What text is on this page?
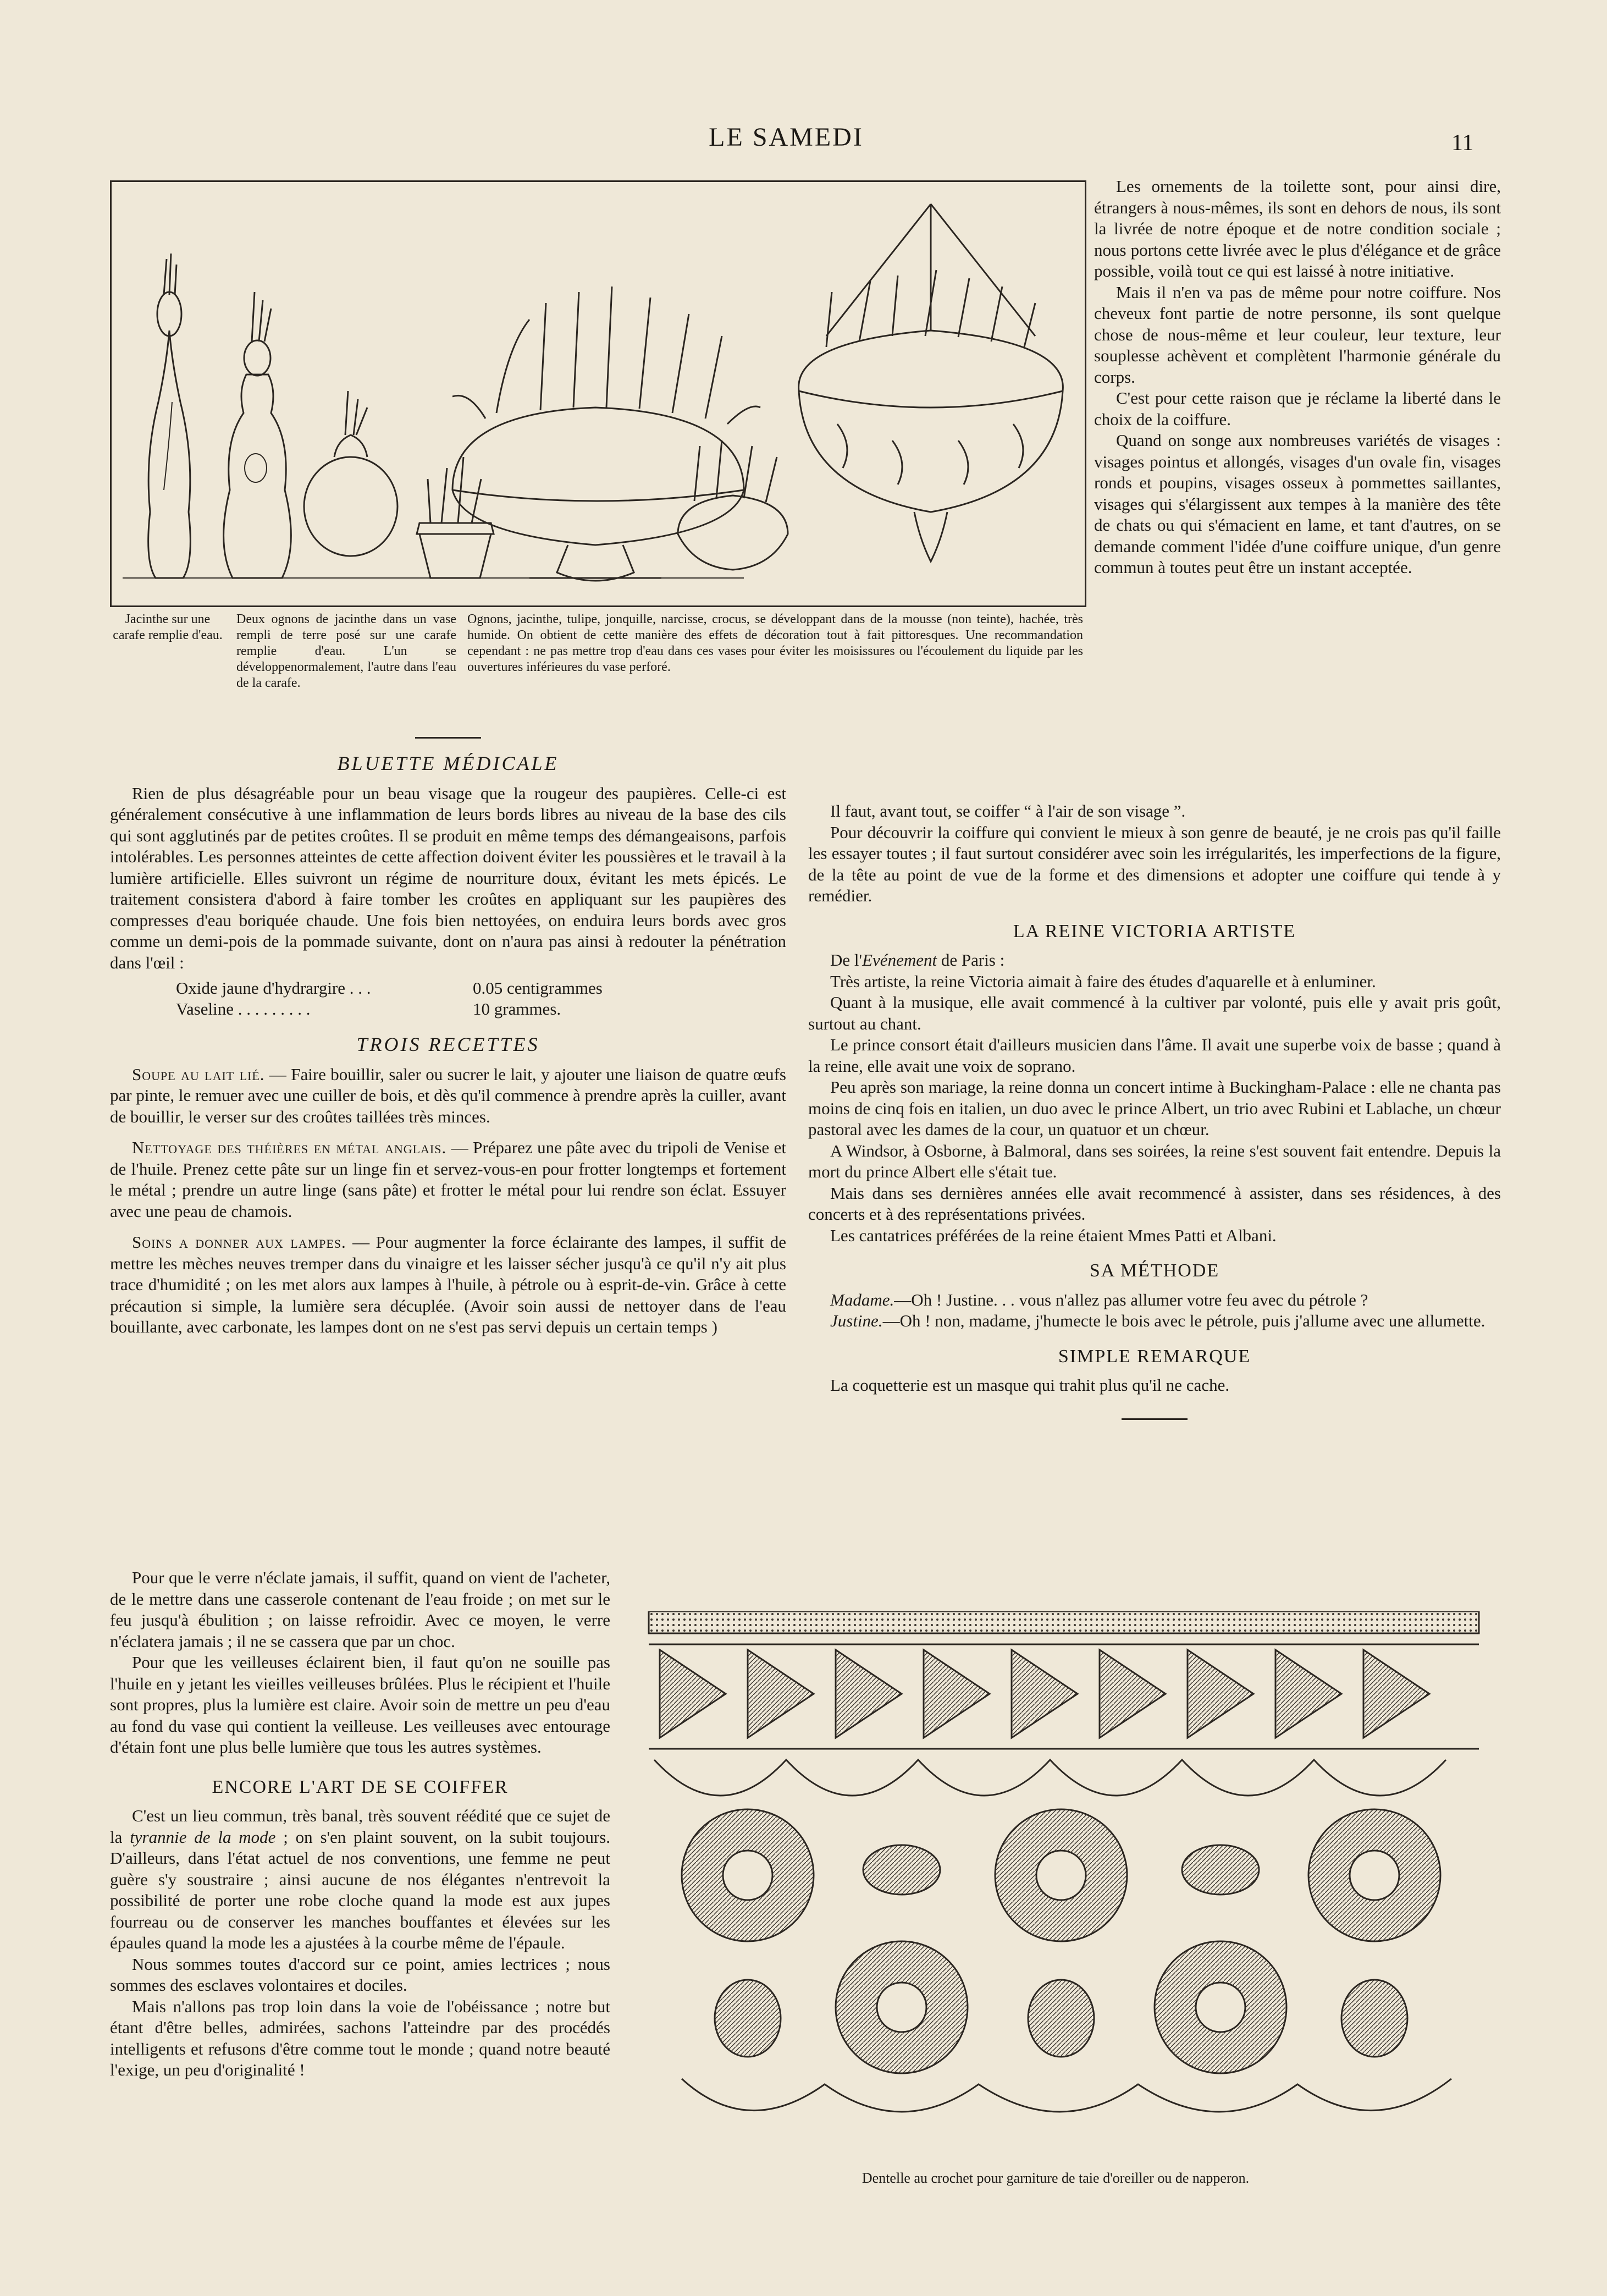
LE SAMEDI	11
Jacinthe sur une carafe remplie d'eau.
Deux ognons de jacinthe dans un vase rempli de terre posé sur une carafe remplie d'eau. L'un se développenormalement, l'autre dans l'eau de la carafe.
Ognons, jacinthe, tulipe, jonquille, narcisse, crocus, se développant dans de la mousse (non teinte), hachée, très humide. On obtient de cette manière des effets de décoration tout à fait pittoresques. Une recommandation cependant : ne pas mettre trop d'eau dans ces vases pour éviter les moisissures ou l'écoulement du liquide par les ouvertures inférieures du vase perforé.
BLUETTE MÉDICALE

Rien de plus désagréable pour un beau visage que la rougeur des paupières. Celle-ci est généralement consécutive à une inflammation de leurs bords libres au niveau de la base des cils qui sont agglutinés par de petites croûtes. Il se produit en même temps des démangeaisons, parfois intolérables. Les personnes atteintes de cette affection doivent éviter les poussières et le travail à la lumière artificielle. Elles suivront un régime de nourriture doux, évitant les mets épicés. Le traitement consistera d'abord à faire tomber les croûtes en appliquant sur les paupières des compresses d'eau boriquée chaude. Une fois bien nettoyées, on enduira leurs bords avec gros comme un demi-pois de la pommade suivante, dont on n'aura pas ainsi à redouter la pénétration dans l'œil :

Oxide jaune d'hydrargire . . .	0.05 centigrammes
Vaseline . . . . . . . . .	10 grammes.
TROIS RECETTES

Soupe au lait lié. — Faire bouillir, saler ou sucrer le lait, y ajouter une liaison de quatre œufs par pinte, le remuer avec une cuiller de bois, et dès qu'il commence à prendre après la cuiller, avant de bouillir, le verser sur des croûtes taillées très minces.

Nettoyage des théières en métal anglais. — Préparez une pâte avec du tripoli de Venise et de l'huile. Prenez cette pâte sur un linge fin et servez-vous-en pour frotter longtemps et fortement le métal ; prendre un autre linge (sans pâte) et frotter le métal pour lui rendre son éclat. Essuyer avec une peau de chamois.

Soins a donner aux lampes. — Pour augmenter la force éclairante des lampes, il suffit de mettre les mèches neuves tremper dans du vinaigre et les laisser sécher jusqu'à ce qu'il n'y ait plus trace d'humidité ; on les met alors aux lampes à l'huile, à pétrole ou à esprit-de-vin. Grâce à cette précaution si simple, la lumière sera décuplée. (Avoir soin aussi de nettoyer dans de l'eau bouillante, avec carbonate, les lampes dont on ne s'est pas servi depuis un certain temps )

Pour que le verre n'éclate jamais, il suffit, quand on vient de l'acheter, de le mettre dans une casserole contenant de l'eau froide ; on met sur le feu jusqu'à ébulition ; on laisse refroidir. Avec ce moyen, le verre n'éclatera jamais ; il ne se cassera que par un choc.

Pour que les veilleuses éclairent bien, il faut qu'on ne souille pas l'huile en y jetant les vieilles veilleuses brûlées. Plus le récipient et l'huile sont propres, plus la lumière est claire. Avoir soin de mettre un peu d'eau au fond du vase qui contient la veilleuse. Les veilleuses avec entourage d'étain font une plus belle lumière que tous les autres systèmes.

ENCORE L'ART DE SE COIFFER

C'est un lieu commun, très banal, très souvent réédité que ce sujet de la tyrannie de la mode ; on s'en plaint souvent, on la subit toujours. D'ailleurs, dans l'état actuel de nos conventions, une femme ne peut guère s'y soustraire ; ainsi aucune de nos élégantes n'entrevoit la possibilité de porter une robe cloche quand la mode est aux jupes fourreau ou de conserver les manches bouffantes et élevées sur les épaules quand la mode les a ajustées à la courbe même de l'épaule.

Nous sommes toutes d'accord sur ce point, amies lectrices ; nous sommes des esclaves volontaires et dociles.

Mais n'allons pas trop loin dans la voie de l'obéissance ; notre but étant d'être belles, admirées, sachons l'atteindre par des procédés intelligents et refusons d'être comme tout le monde ; quand notre beauté l'exige, un peu d'originalité !

Les ornements de la toilette sont, pour ainsi dire, étrangers à nous-mêmes, ils sont en dehors de nous, ils sont la livrée de notre époque et de notre condition sociale ; nous portons cette livrée avec le plus d'élégance et de grâce possible, voilà tout ce qui est laissé à notre initiative.

Mais il n'en va pas de même pour notre coiffure. Nos cheveux font partie de notre personne, ils sont quelque chose de nous-même et leur couleur, leur texture, leur souplesse achèvent et complètent l'harmonie générale du corps.

C'est pour cette raison que je réclame la liberté dans le choix de la coiffure.

Quand on songe aux nombreuses variétés de visages : visages pointus et allongés, visages d'un ovale fin, visages ronds et poupins, visages osseux à pommettes saillantes, visages qui s'élargissent aux tempes à la manière des tête de chats ou qui s'émacient en lame, et tant d'autres, on se demande comment l'idée d'une coiffure unique, d'un genre commun à toutes peut être un instant acceptée.

Il faut, avant tout, se coiffer “ à l'air de son visage ”.

Pour découvrir la coiffure qui convient le mieux à son genre de beauté, je ne crois pas qu'il faille les essayer toutes ; il faut surtout considérer avec soin les irrégularités, les imperfections de la figure, de la tête au point de vue de la forme et des dimensions et adopter une coiffure qui tende à y remédier.

LA REINE VICTORIA ARTISTE

De l'Evénement de Paris :

Très artiste, la reine Victoria aimait à faire des études d'aquarelle et à enluminer.

Quant à la musique, elle avait commencé à la cultiver par volonté, puis elle y avait pris goût, surtout au chant.

Le prince consort était d'ailleurs musicien dans l'âme. Il avait une superbe voix de basse ; quand à la reine, elle avait une voix de soprano.

Peu après son mariage, la reine donna un concert intime à Buckingham-Palace : elle ne chanta pas moins de cinq fois en italien, un duo avec le prince Albert, un trio avec Rubini et Lablache, un chœur pastoral avec les dames de la cour, un quatuor et un chœur.

A Windsor, à Osborne, à Balmoral, dans ses soirées, la reine s'est souvent fait entendre. Depuis la mort du prince Albert elle s'était tue.

Mais dans ses dernières années elle avait recommencé à assister, dans ses résidences, à des concerts et à des représentations privées.

Les cantatrices préférées de la reine étaient Mmes Patti et Albani.

SA MÉTHODE

Madame.—Oh ! Justine. . . vous n'allez pas allumer votre feu avec du pétrole ?

Justine.—Oh ! non, madame, j'humecte le bois avec le pétrole, puis j'allume avec une allumette.

SIMPLE REMARQUE

La coquetterie est un masque qui trahit plus qu'il ne cache.

Dentelle au crochet pour garniture de taie d'oreiller ou de napperon.
